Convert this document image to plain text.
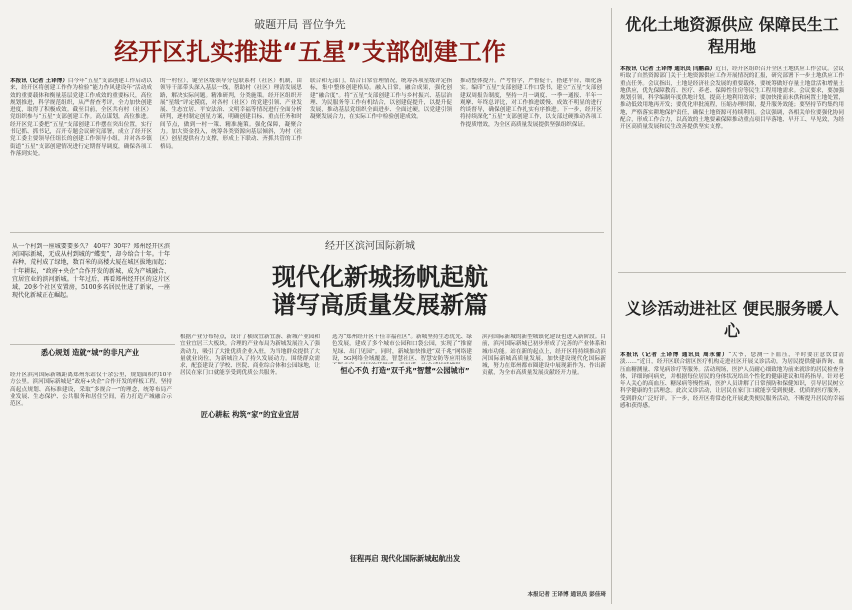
破题开局 晋位争先
经开区扎实推进“五星”支部创建工作
本报讯（记者 王译博）白今年“五星”支部创建工作启动以来，经开区将创建工作作为检验“能力作风建设年”活动成效的重要载体和衡量基层党建工作成效的重要标尺，高位规划推进，科学规范组织，从严督查考评，全力加快创建进度，取得了积极成效。截至目前，全区共有村（社区）党组织参与“五星”支部创建工作。高点谋划，高位推进。经开区党工委把“五星”支部创建工作摆在突出位置，实行书记抓、抓书记，召开专题会议研究部署，成立了经开区党工委主要领导任组长的创建工作领导小组，并对各乡镇街道“五星”支部创建情况进行定期督导调度，确保各项工作落到实处。
的一村位），键全区级领导分包联系村（社区）机制，由领导干部带头深入基层一线，帮助村（社区）理清发展思路，解决实际问题。精准研判，分类施策。经开区组织开展“星级”评定摸底，对各村（社区）的党建引领、产业发展、生态宜居、平安法治、文明幸福等情况进行全面分析研判，逐村制定创星方案，明确创建目标、重点任务和时间节点，做到一村一策、精准施策。强化保障，凝聚合力。加大资金投入，统筹各类资源向基层倾斜，为村（社区）创星提供有力支撑，形成上下联动、齐抓共管的工作格局。
联合和无部门，结合日常管理情况，统筹各项星级评定指标，集中整体创建格局。融入日常，融合成果，强化创建“融合度”。将“五星”支部创建工作与乡村振兴、基层治理、为民服务等工作有机结合，以创建促提升，以提升促发展，推动基层党组织全面进步、全面过硬，以党建引领凝聚发展合力，在实际工作中检验创建成效。
推动整体提升。严考督学，严督促干，搭建平台，细化落实。编印“五星”支部创建工作口袋书，建立“五星”支部创建双周报告制度，坚持一月一调度、一季一通报、半年一观摩、年终总评比，对工作推进缓慢、成效不明显的进行约谈督导，确保创建工作扎实有序推进。下一步，经开区将持续深化“五星”支部创建工作，以支部过硬推动各项工作提质增效，为全区高质量发展提供坚强组织保证。
优化土地资源供应 保障民生工程用地
本报讯（记者 王译博 通讯员 闫鹏森）近日，经开区组织召开全区土地供应工作会议。会议听取了自然资源部门关于土地资源供应工作开展情况的汇报，研究部署下一步土地供应工作重点任务。会议指出，土地是经济社会发展的重要载体，要统筹做好存量土地盘活和增量土地供应，优先保障教育、医疗、养老、保障性住房等民生工程用地需求。会议要求，要加强规划引领，科学编制年度供地计划，提高土地利用效率；要加快批而未供和闲置土地处置，推动低效用地再开发；要优化审批流程，压缩办理时限，提升服务效能；要坚持节约集约用地，严格落实耕地保护责任，确保土地资源可持续利用。会议强调，各相关单位要强化协同配合，形成工作合力，以高效的土地要素保障推动重点项目早落地、早开工、早见效，为经开区高质量发展和民生改善提供坚实支撑。
经开区滨河国际新城
现代化新城扬帆起航
谱写高质量发展新篇
从一个村到一座城要要多久？ 40年？30年？郑州经开区滨河国际新城，无成从村到城的“蝶变”，却今给合十年。十年春种，荒村成了绿地，数百米的高楼大厦在城区拔地而起；十年耕耘，“政府+央企”合作开发的新城，成为产城融合、宜居宜业的滨河新城。十年过后，再看郑州经开区的这片区域，20多个社区安置房，5100多名居民住进了新家，一座现代化新城正在崛起。
悉心规划 造就“城”的非凡产业
经开区滨河国际新城距离郑州东站仅十余公里，规划面积约10平方公里。滨河国际新城是“政府+央企”合作开发的样板工程，坚持高起点规划、高标准建设，采取“多规合一”的理念，统筹布局产业发展、生态保护、公共服务和居住空间，着力打造产城融合示范区。
根据产业分布特点，设计了横成宜新宜游、新城产业园和宜业宜居三大板块。合理的产业布局为新城发展注入了强劲动力，吸引了大批优质企业入驻，为当地群众提供了大量就业岗位，为新城注入了持久发展动力。围绕群众需求，配套建设了学校、医院、商业综合体和公园绿地，让居民在家门口就能享受到优质公共服务。
匠心耕耘 构筑“家”的宜业宜居
恒心不负 打造“双千兆”智慧“公园城市”
选为“郑州经开区十佳幸福社区”。新城坚持生态优先、绿色发展，建成了多个城市公园和口袋公园，实现了“推窗见绿、出门见园”。同时，新城加快推进“双千兆”网络建设，5G网络全域覆盖，智慧社区、智慧安防等应用场景
征程再启 现代化国际新城起航出发
滨河国际新城的新型城镇化建设也进入新阶段。目前，滨河国际新城已初步形成了完善的产业体系和城市功能。站在新的起点上，经开区将持续推动滨河国际新城高质量发展，加快建设现代化国际新城，努力在郑州都市圈建设中展现新作为、作出新贡献，为全市高质量发展贡献经开力量。
本报记者 王译博 通讯员 彭佳琦
义诊活动进社区 便民服务暖人心
本报讯（记者 王译博 通讯员 周永蕾）“大爷，您测一下血压，平时要注意饮食清淡……”近日，经开区联合辖区医疗机构走进社区开展义诊活动，为居民提供健康咨询、血压血糖测量、常见病诊疗等服务。活动现场，医护人员耐心细致地为前来就诊的居民检查身体，详细询问病史，并根据每位居民的身体状况给出个性化的健康建议和用药指导。针对老年人关心的高血压、糖尿病等慢性病，医护人员讲解了日常预防和保健知识，引导居民树立科学健康的生活理念。此次义诊活动，让居民在家门口就能享受到便捷、优质的医疗服务，受到群众广泛好评。下一步，经开区将常态化开展此类便民服务活动，不断提升居民的幸福感和获得感。
